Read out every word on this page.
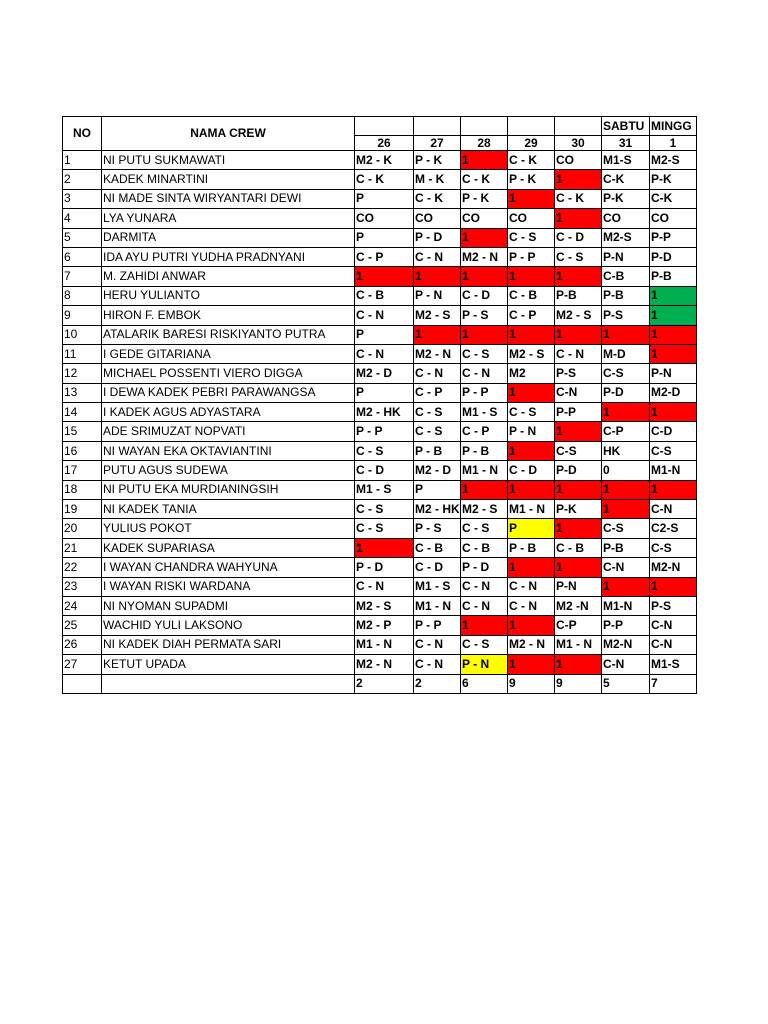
NO	NAMA CREW						SABTU	MINGG
		26	27	28	29	30	31	1
1	NI PUTU SUKMAWATI	M2 - K	P - K	1	C - K	CO	M1-S	M2-S
2	KADEK MINARTINI	C - K	M - K	C - K	P - K	1	C-K	P-K
3	NI MADE SINTA WIRYANTARI DEWI	P	C - K	P - K	1	C - K	P-K	C-K
4	LYA YUNARA	CO	CO	CO	CO	1	CO	CO
5	DARMITA	P	P - D	1	C - S	C - D	M2-S	P-P
6	IDA AYU PUTRI YUDHA PRADNYANI	C - P	C - N	M2 - N	P - P	C - S	P-N	P-D
7	M. ZAHIDI ANWAR	1	1	1	1	1	C-B	P-B
8	HERU YULIANTO	C - B	P - N	C - D	C - B	P-B	P-B	1
9	HIRON F. EMBOK	C - N	M2 - S	P - S	C - P	M2 - S	P-S	1
10	ATALARIK BARESI RISKIYANTO PUTRA	P	1	1	1	1	1	1
11	I GEDE GITARIANA	C - N	M2 - N	C - S	M2 - S	C - N	M-D	1
12	MICHAEL POSSENTI VIERO DIGGA	M2 - D	C - N	C - N	M2	P-S	C-S	P-N
13	I DEWA KADEK PEBRI PARAWANGSA	P	C - P	P - P	1	C-N	P-D	M2-D
14	I KADEK AGUS ADYASTARA	M2 - HK	C - S	M1 - S	C - S	P-P	1	1
15	ADE SRIMUZAT NOPVATI	P - P	C - S	C - P	P - N	1	C-P	C-D
16	NI WAYAN EKA OKTAVIANTINI	C - S	P - B	P - B	1	C-S	HK	C-S
17	PUTU AGUS SUDEWA	C - D	M2 - D	M1 - N	C - D	P-D	0	M1-N
18	NI PUTU EKA MURDIANINGSIH	M1 - S	P	1	1	1	1	1
19	NI KADEK TANIA	C - S	M2 - HK	M2 - S	M1 - N	P-K	1	C-N
20	YULIUS POKOT	C - S	P - S	C - S	P	1	C-S	C2-S
21	KADEK SUPARIASA	1	C - B	C - B	P - B	C - B	P-B	C-S
22	I WAYAN CHANDRA WAHYUNA	P - D	C - D	P - D	1	1	C-N	M2-N
23	I WAYAN RISKI WARDANA	C - N	M1 - S	C - N	C - N	P-N	1	1
24	NI NYOMAN SUPADMI	M2 - S	M1 - N	C - N	C - N	M2 -N	M1-N	P-S
25	WACHID YULI LAKSONO	M2 - P	P - P	1	1	C-P	P-P	C-N
26	NI KADEK DIAH PERMATA SARI	M1 - N	C - N	C - S	M2 - N	M1 - N	M2-N	C-N
27	KETUT UPADA	M2 - N	C - N	P - N	1	1	C-N	M1-S
		2	2	6	9	9	5	7
